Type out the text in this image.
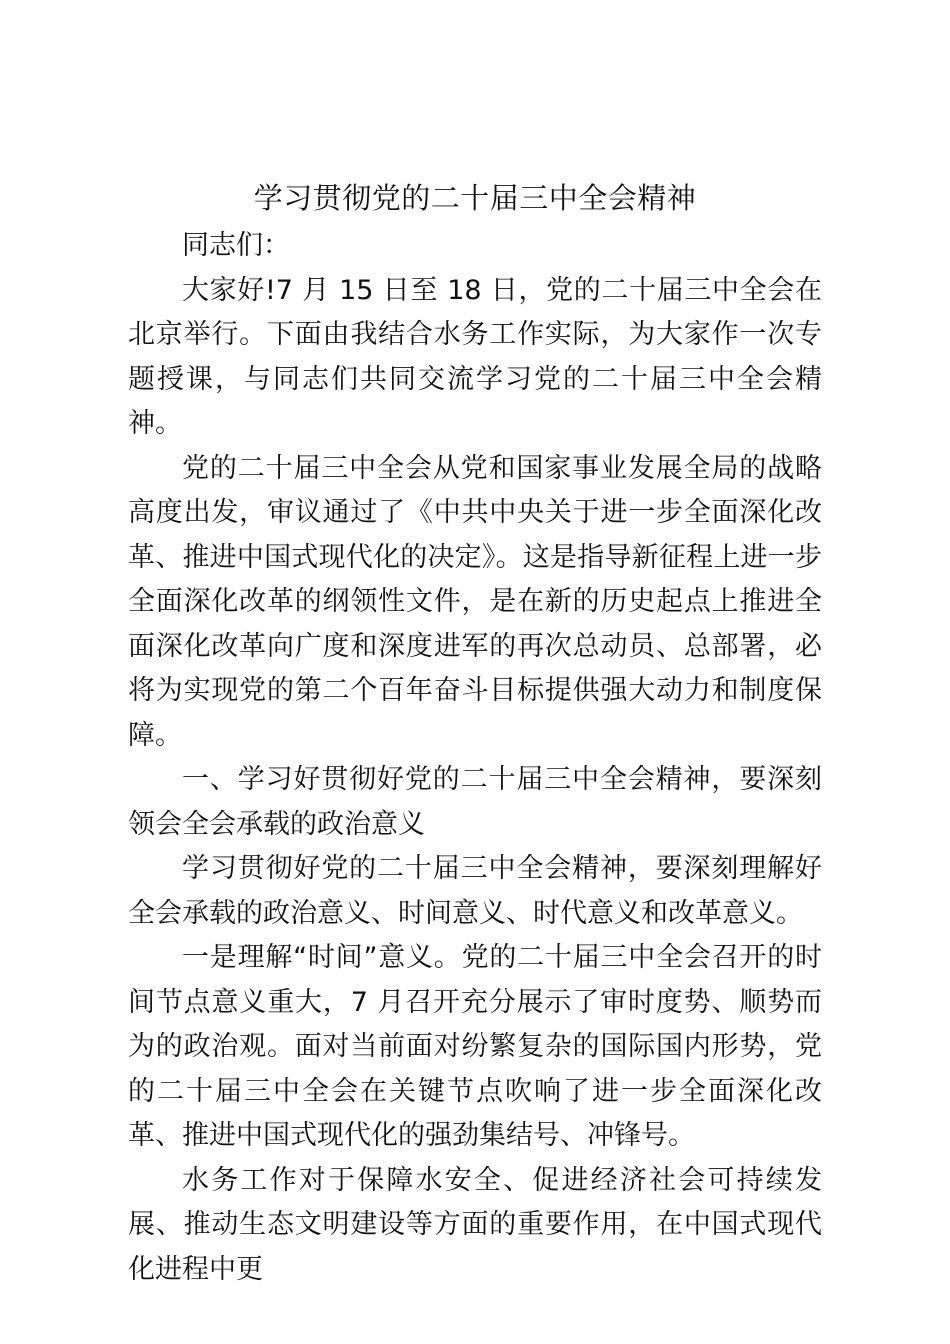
学习贯彻党的二十届三中全会精神

同志们：

大家好!7 月 15 日至 18 日，党的二十届三中全会在北京举行。下面由我结合水务工作实际，为大家作一次专题授课，与同志们共同交流学习党的二十届三中全会精神。

党的二十届三中全会从党和国家事业发展全局的战略高度出发，审议通过了《中共中央关于进一步全面深化改革、推进中国式现代化的决定》。这是指导新征程上进一步全面深化改革的纲领性文件，是在新的历史起点上推进全面深化改革向广度和深度进军的再次总动员、总部署，必将为实现党的第二个百年奋斗目标提供强大动力和制度保障。

一、学习好贯彻好党的二十届三中全会精神，要深刻领会全会承载的政治意义

学习贯彻好党的二十届三中全会精神，要深刻理解好全会承载的政治意义、时间意义、时代意义和改革意义。

一是理解“时间”意义。党的二十届三中全会召开的时间节点意义重大，7 月召开充分展示了审时度势、顺势而为的政治观。面对当前面对纷繁复杂的国际国内形势，党的二十届三中全会在关键节点吹响了进一步全面深化改革、推进中国式现代化的强劲集结号、冲锋号。

水务工作对于保障水安全、促进经济社会可持续发展、推动生态文明建设等方面的重要作用，在中国式现代化进程中更
